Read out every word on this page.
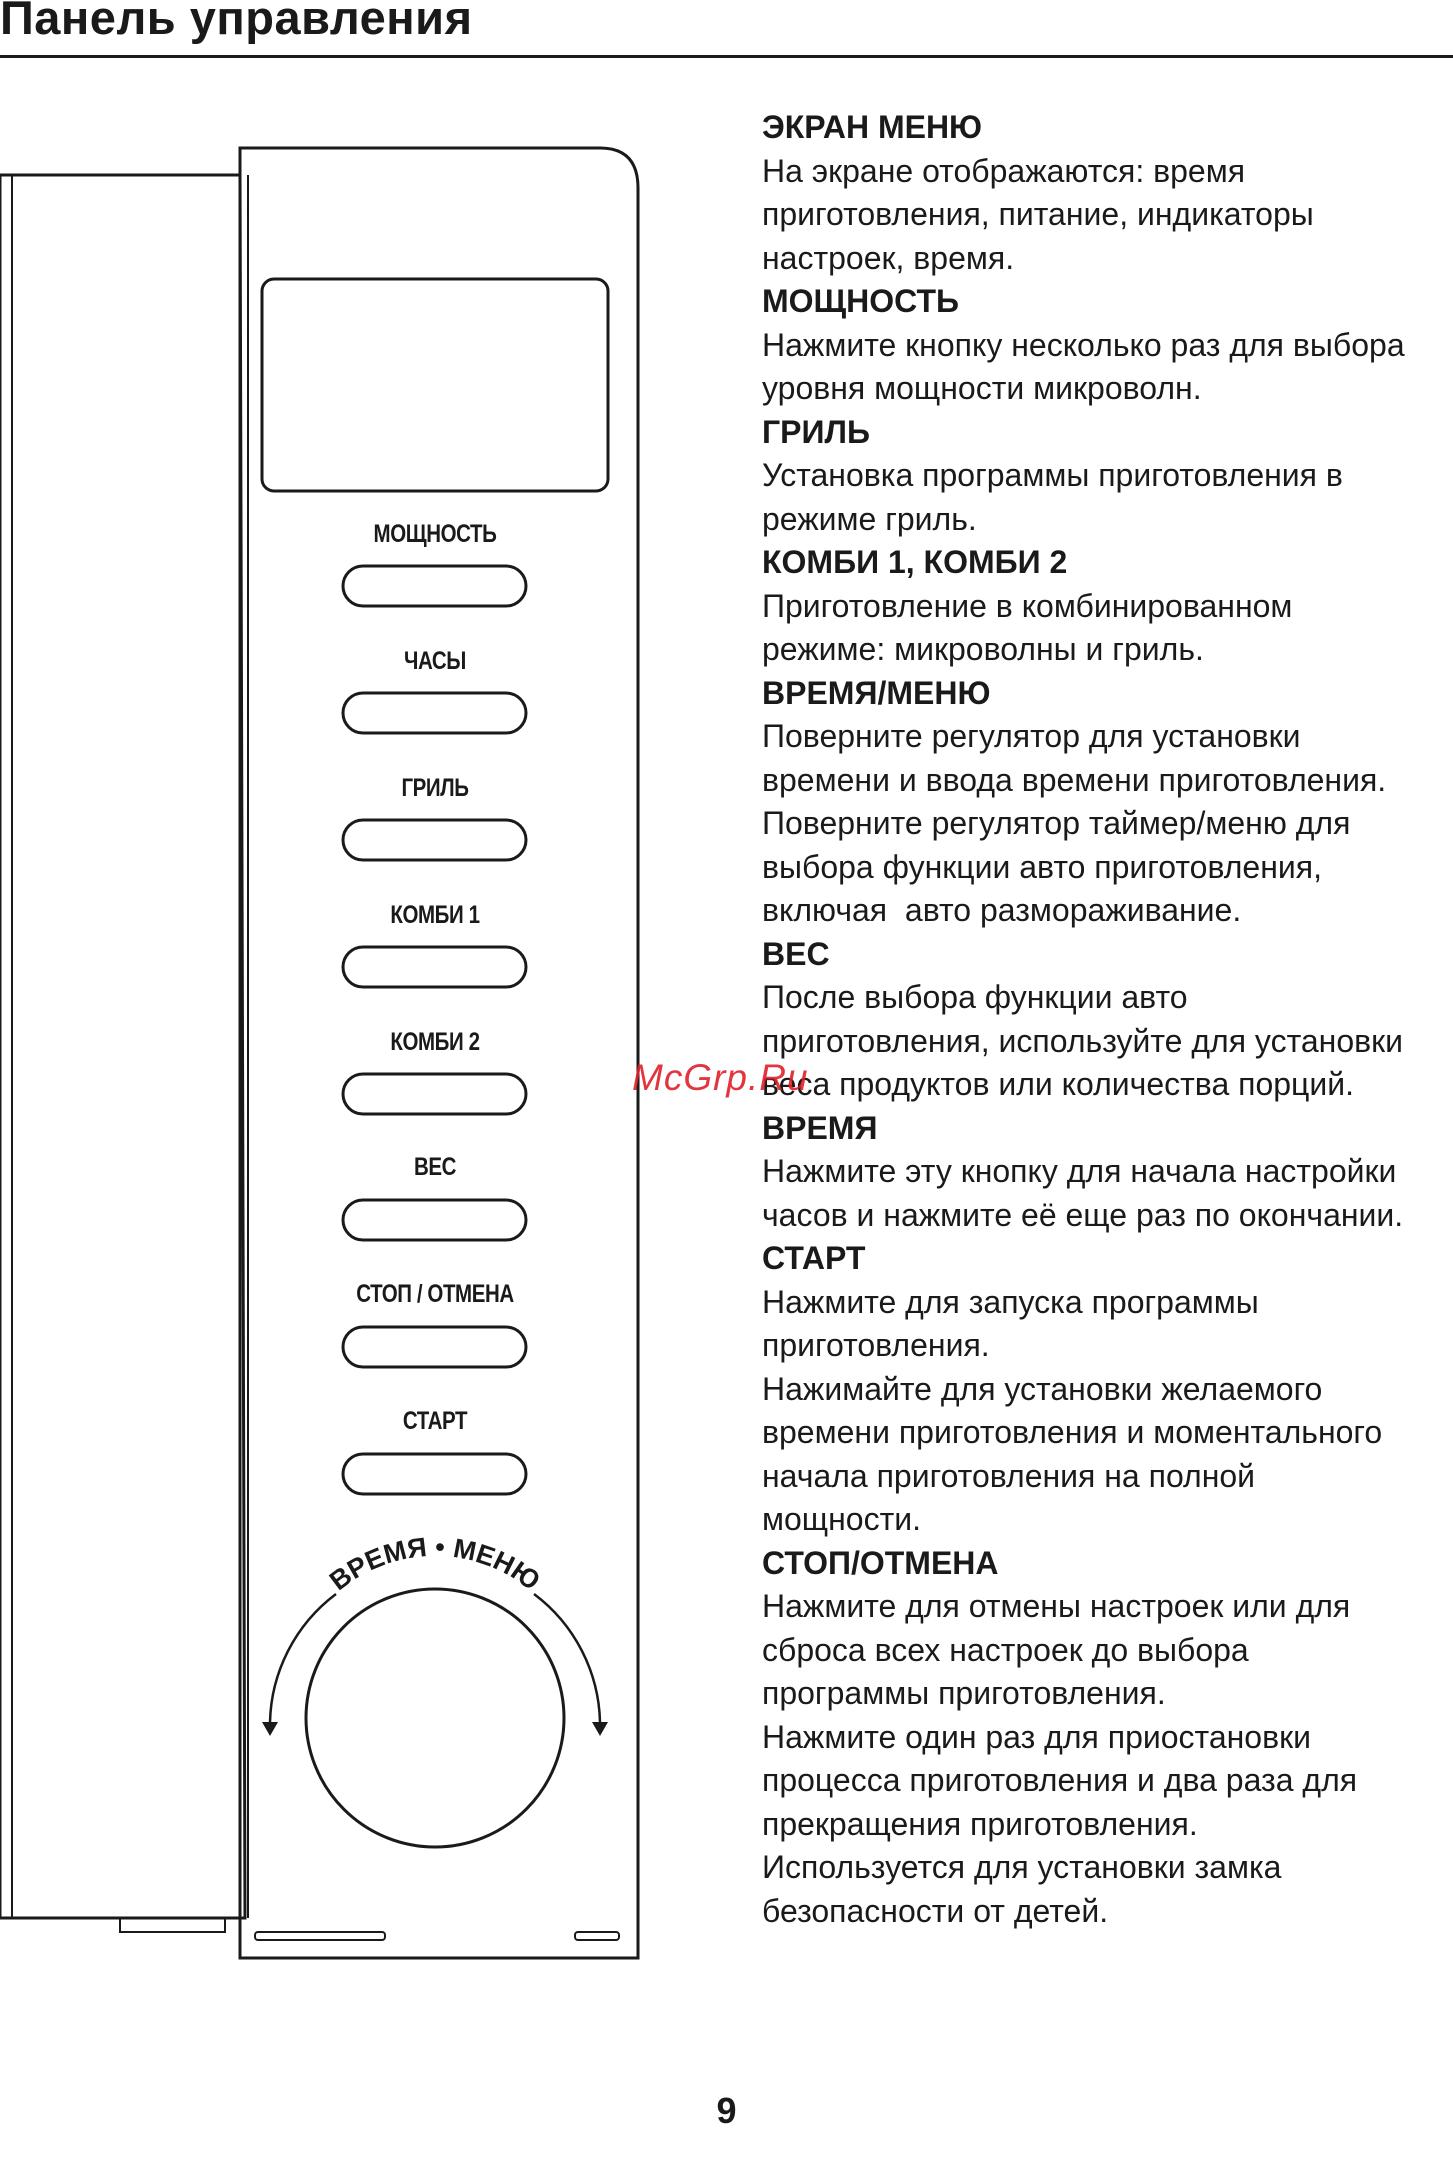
Панель управления
ВРЕМЯ • МЕНЮ
МОЩНОСТЬ
ЧАСЫ
ГРИЛЬ
КОМБИ 1
КОМБИ 2
ВЕС
СТОП / ОТМЕНА
СТАРТ
ЭКРАН МЕНЮ
На экране отображаются: время
приготовления, питание, индикаторы
настроек, время.
МОЩНОСТЬ
Нажмите кнопку несколько раз для выбора
уровня мощности микроволн.
ГРИЛЬ
Установка программы приготовления в
режиме гриль.
КОМБИ 1, КОМБИ 2
Приготовление в комбинированном
режиме: микроволны и гриль.
ВРЕМЯ/МЕНЮ
Поверните регулятор для установки
времени и ввода времени приготовления.
Поверните регулятор таймер/меню для
выбора функции авто приготовления,
включая  авто размораживание.
ВЕС
После выбора функции авто
приготовления, используйте для установки
веса продуктов или количества порций.
ВРЕМЯ
Нажмите эту кнопку для начала настройки
часов и нажмите её еще раз по окончании.
СТАРТ
Нажмите для запуска программы
приготовления.
Нажимайте для установки желаемого
времени приготовления и моментального
начала приготовления на полной
мощности.
СТОП/ОТМЕНА
Нажмите для отмены настроек или для
сброса всех настроек до выбора
программы приготовления.
Нажмите один раз для приостановки
процесса приготовления и два раза для
прекращения приготовления.
Используется для установки замка
безопасности от детей.
McGrp.Ru
9
